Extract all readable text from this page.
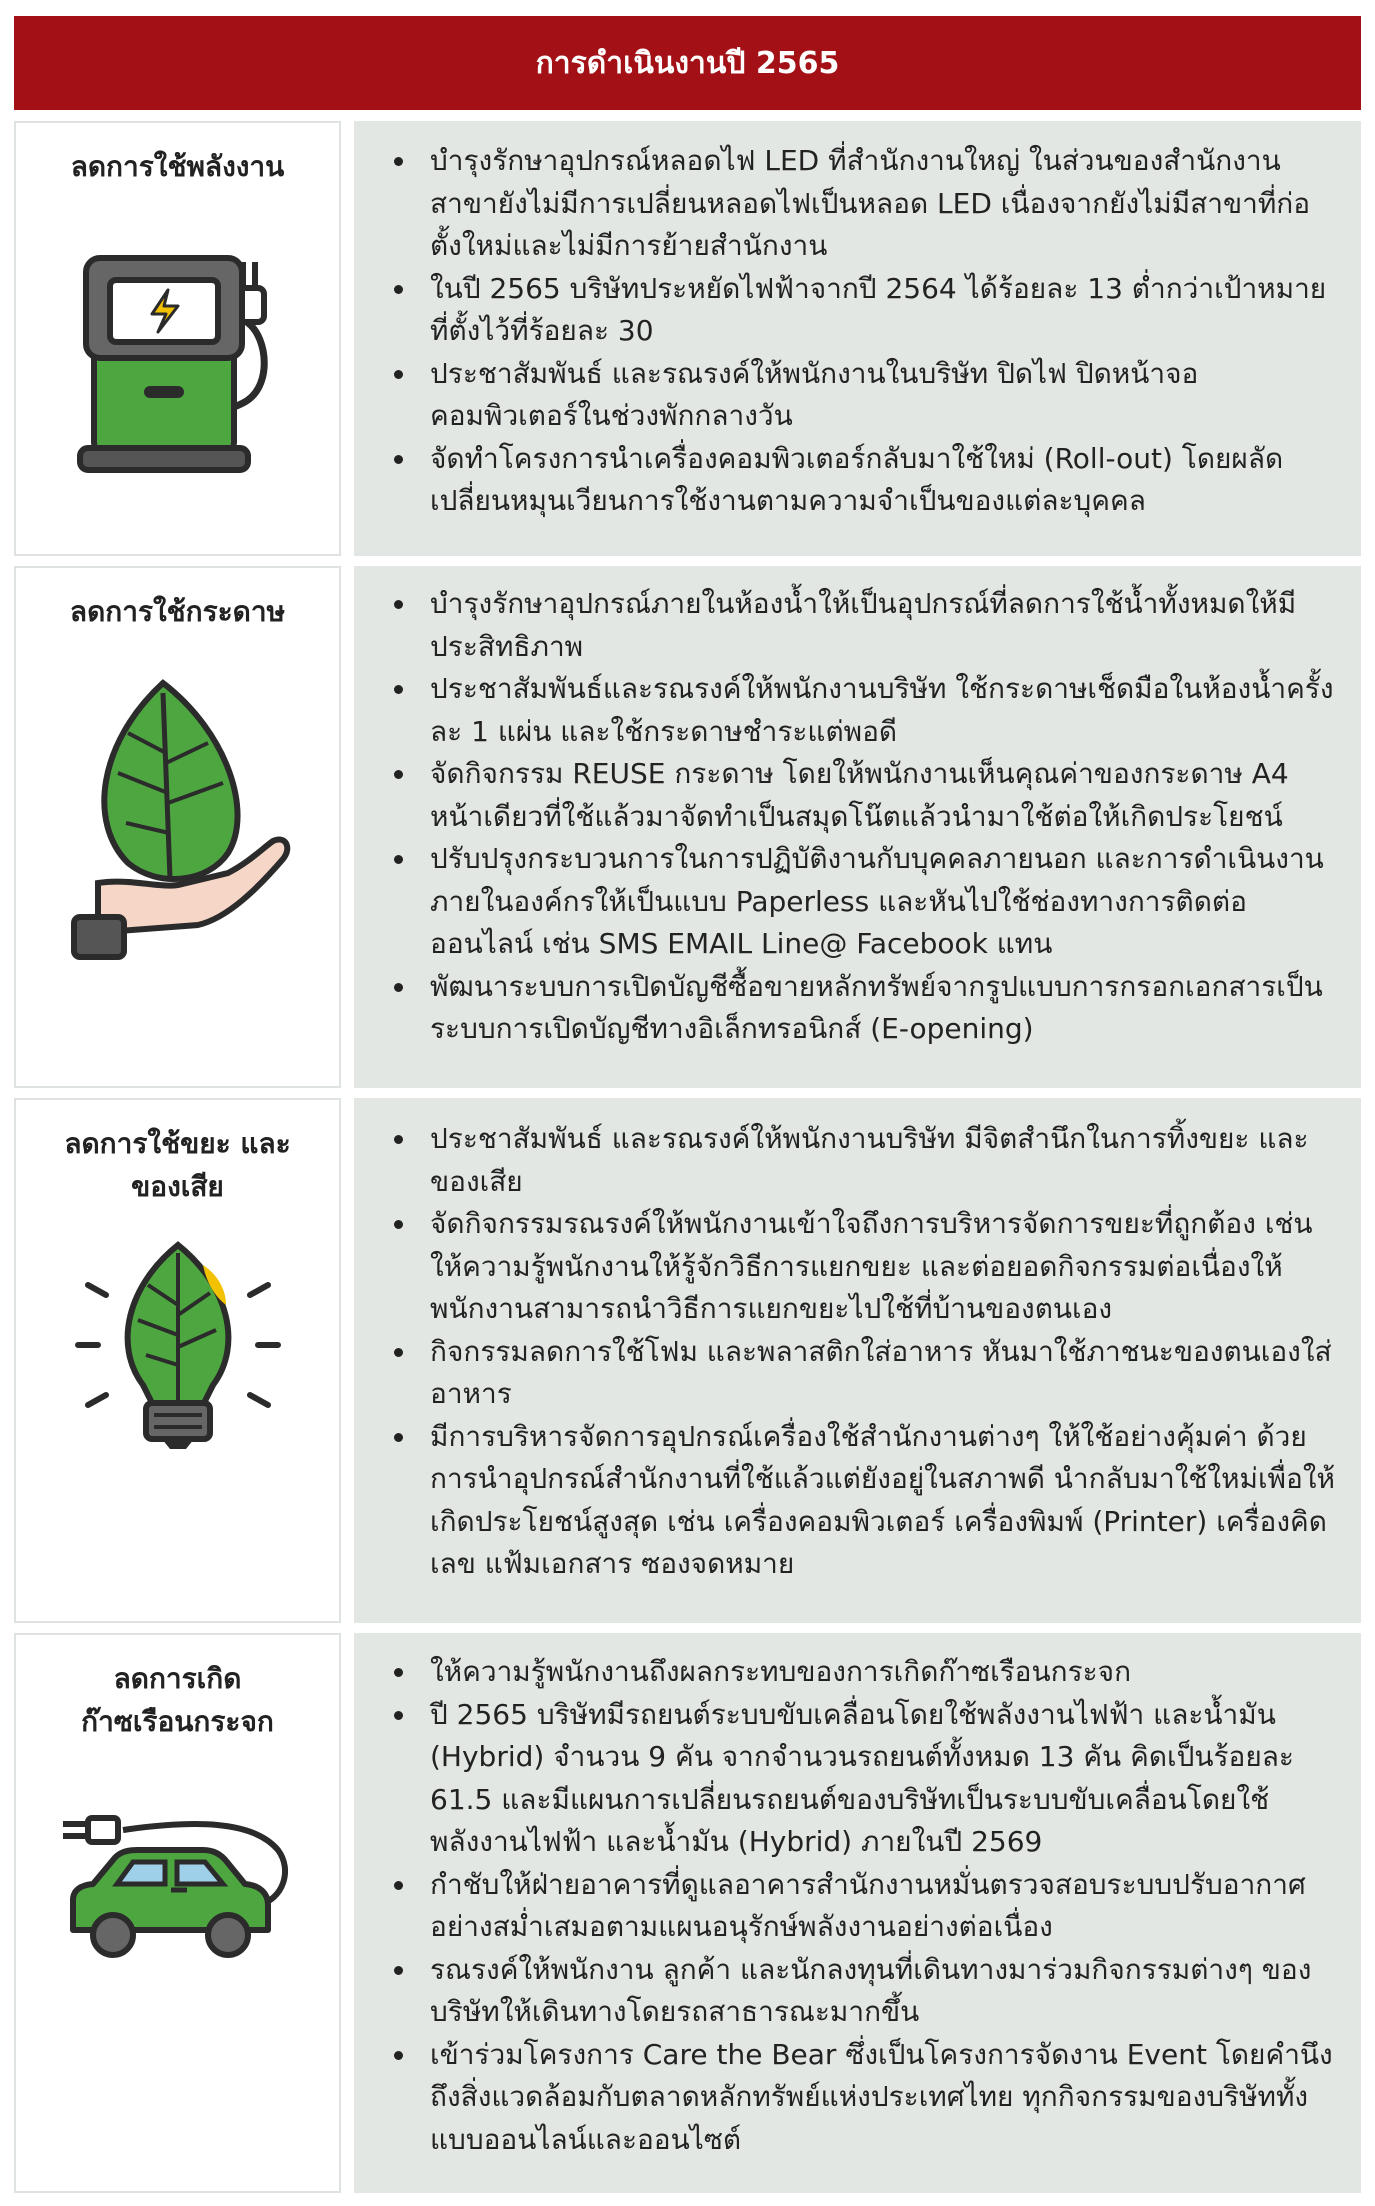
การดำเนินงานปี 2565
ลดการใช้พลังงาน	บำรุงรักษาอุปกรณ์หลอดไฟ LED ที่สำนักงานใหญ่ ในส่วนของสำนักงานสาขายังไม่มีการเปลี่ยนหลอดไฟเป็นหลอด LED เนื่องจากยังไม่มีสาขาที่ก่อตั้งใหม่และไม่มีการย้ายสำนักงาน
ในปี 2565 บริษัทประหยัดไฟฟ้าจากปี 2564 ได้ร้อยละ 13 ต่ำกว่าเป้าหมายที่ตั้งไว้ที่ร้อยละ 30
ประชาสัมพันธ์ และรณรงค์ให้พนักงานในบริษัท ปิดไฟ ปิดหน้าจอคอมพิวเตอร์ในช่วงพักกลางวัน
จัดทำโครงการนำเครื่องคอมพิวเตอร์กลับมาใช้ใหม่ (Roll-out) โดยผลัดเปลี่ยนหมุนเวียนการใช้งานตามความจำเป็นของแต่ละบุคคล
ลดการใช้กระดาษ	บำรุงรักษาอุปกรณ์ภายในห้องน้ำให้เป็นอุปกรณ์ที่ลดการใช้น้ำทั้งหมดให้มีประสิทธิภาพ
ประชาสัมพันธ์และรณรงค์ให้พนักงานบริษัท ใช้กระดาษเช็ดมือในห้องน้ำครั้งละ 1 แผ่น และใช้กระดาษชำระแต่พอดี
จัดกิจกรรม REUSE กระดาษ โดยให้พนักงานเห็นคุณค่าของกระดาษ A4 หน้าเดียวที่ใช้แล้วมาจัดทำเป็นสมุดโน๊ตแล้วนำมาใช้ต่อให้เกิดประโยชน์
ปรับปรุงกระบวนการในการปฏิบัติงานกับบุคคลภายนอก และการดำเนินงานภายในองค์กรให้เป็นแบบ Paperless และหันไปใช้ช่องทางการติดต่อออนไลน์ เช่น SMS EMAIL Line@ Facebook แทน
พัฒนาระบบการเปิดบัญชีซื้อขายหลักทรัพย์จากรูปแบบการกรอกเอกสารเป็นระบบการเปิดบัญชีทางอิเล็กทรอนิกส์ (E-opening)
ลดการใช้ขยะ และ
ของเสีย
ประชาสัมพันธ์ และรณรงค์ให้พนักงานบริษัท มีจิตสำนึกในการทิ้งขยะ และของเสีย
จัดกิจกรรมรณรงค์ให้พนักงานเข้าใจถึงการบริหารจัดการขยะที่ถูกต้อง เช่น ให้ความรู้พนักงานให้รู้จักวิธีการแยกขยะ และต่อยอดกิจกรรมต่อเนื่องให้พนักงานสามารถนำวิธีการแยกขยะไปใช้ที่บ้านของตนเอง
กิจกรรมลดการใช้โฟม และพลาสติกใส่อาหาร หันมาใช้ภาชนะของตนเองใส่อาหาร
มีการบริหารจัดการอุปกรณ์เครื่องใช้สำนักงานต่างๆ ให้ใช้อย่างคุ้มค่า ด้วยการนำอุปกรณ์สำนักงานที่ใช้แล้วแต่ยังอยู่ในสภาพดี นำกลับมาใช้ใหม่เพื่อให้เกิดประโยชน์สูงสุด เช่น เครื่องคอมพิวเตอร์ เครื่องพิมพ์ (Printer) เครื่องคิดเลข แฟ้มเอกสาร ซองจดหมาย
ลดการเกิด
ก๊าซเรือนกระจก
ให้ความรู้พนักงานถึงผลกระทบของการเกิดก๊าซเรือนกระจก
ปี 2565 บริษัทมีรถยนต์ระบบขับเคลื่อนโดยใช้พลังงานไฟฟ้า และน้ำมัน (Hybrid) จำนวน 9 คัน จากจำนวนรถยนต์ทั้งหมด 13 คัน คิดเป็นร้อยละ 61.5 และมีแผนการเปลี่ยนรถยนต์ของบริษัทเป็นระบบขับเคลื่อนโดยใช้พลังงานไฟฟ้า และน้ำมัน (Hybrid) ภายในปี 2569
กำชับให้ฝ่ายอาคารที่ดูแลอาคารสำนักงานหมั่นตรวจสอบระบบปรับอากาศอย่างสม่ำเสมอตามแผนอนุรักษ์พลังงานอย่างต่อเนื่อง
รณรงค์ให้พนักงาน ลูกค้า และนักลงทุนที่เดินทางมาร่วมกิจกรรมต่างๆ ของบริษัทให้เดินทางโดยรถสาธารณะมากขึ้น
เข้าร่วมโครงการ Care the Bear ซึ่งเป็นโครงการจัดงาน Event โดยคำนึงถึงสิ่งแวดล้อมกับตลาดหลักทรัพย์แห่งประเทศไทย ทุกกิจกรรมของบริษัททั้งแบบออนไลน์และออนไซต์
